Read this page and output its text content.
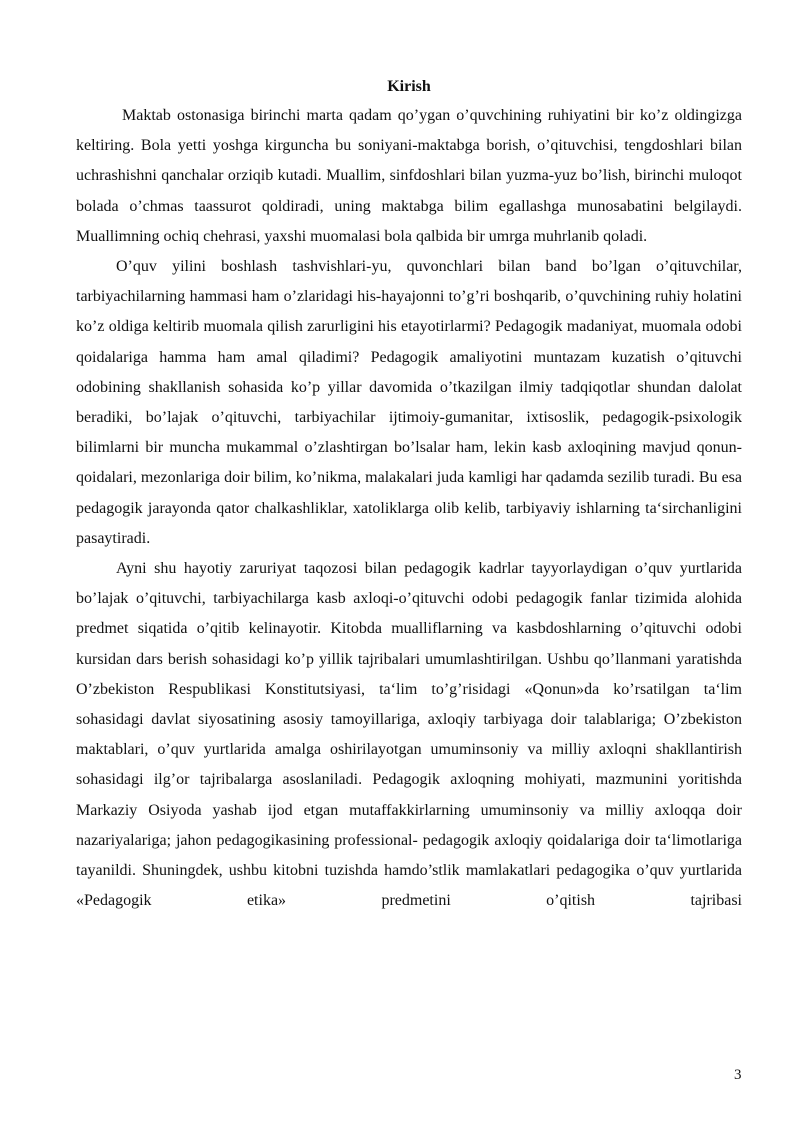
Kirish

Maktab ostonasiga birinchi marta qadam qo’ygan o’quvchining ruhiyatini bir ko’z oldingizga keltiring. Bola yetti yoshga kirguncha bu soniyani-maktabga borish, o’qituvchisi, tengdoshlari bilan uchrashishni qanchalar orziqib kutadi. Muallim, sinfdoshlari bilan yuzma-yuz bo’lish, birinchi muloqot bolada o’chmas taassurot qoldiradi, uning maktabga bilim egallashga munosabatini belgilaydi. Muallimning ochiq chehrasi, yaxshi muomalasi bola qalbida bir umrga muhrlanib qoladi.

O’quv yilini boshlash tashvishlari-yu, quvonchlari bilan band bo’lgan o’qituvchilar, tarbiyachilarning hammasi ham o’zlaridagi his-hayajonni to’g’ri boshqarib, o’quvchining ruhiy holatini ko’z oldiga keltirib muomala qilish zarurligini his etayotirlarmi? Pedagogik madaniyat, muomala odobi qoidalariga hamma ham amal qiladimi? Pedagogik amaliyotini muntazam kuzatish o’qituvchi odobining shakllanish sohasida ko’p yillar davomida o’tkazilgan ilmiy tadqiqotlar shundan dalolat beradiki, bo’lajak o’qituvchi, tarbiyachilar ijtimoiy-gumanitar, ixtisoslik, pedagogik-psixologik bilimlarni bir muncha mukammal o’zlashtirgan bo’lsalar ham, lekin kasb axloqining mavjud qonun-qoidalari, mezonlariga doir bilim, ko’nikma, malakalari juda kamligi har qadamda sezilib turadi. Bu esa pedagogik jarayonda qator chalkashliklar, xatoliklarga olib kelib, tarbiyaviy ishlarning ta‘sirchanligini pasaytiradi.

Ayni shu hayotiy zaruriyat taqozosi bilan pedagogik kadrlar tayyorlaydigan o’quv yurtlarida bo’lajak o’qituvchi, tarbiyachilarga kasb axloqi-o’qituvchi odobi pedagogik fanlar tizimida alohida predmet siqatida o’qitib kelinayotir. Kitobda mualliflarning va kasbdoshlarning o’qituvchi odobi kursidan dars berish sohasidagi ko’p yillik tajribalari umumlashtirilgan. Ushbu qo’llanmani yaratishda O’zbekiston Respublikasi Konstitutsiyasi, ta‘lim to’g’risidagi «Qonun»da ko’rsatilgan ta‘lim sohasidagi davlat siyosatining asosiy tamoyillariga, axloqiy tarbiyaga doir talablariga; O’zbekiston maktablari, o’quv yurtlarida amalga oshirilayotgan umuminsoniy va milliy axloqni shakllantirish sohasidagi ilg’or tajribalarga asoslaniladi. Pedagogik axloqning mohiyati, mazmunini yoritishda Markaziy Osiyoda yashab ijod etgan mutaffakkirlarning umuminsoniy va milliy axloqqa doir nazariyalariga; jahon pedagogikasining professional- pedagogik axloqiy qoidalariga doir ta‘limotlariga tayanildi. Shuningdek, ushbu kitobni tuzishda hamdo’stlik mamlakatlari pedagogika o’quv yurtlarida «Pedagogik etika» predmetini o’qitish tajribasi

3
